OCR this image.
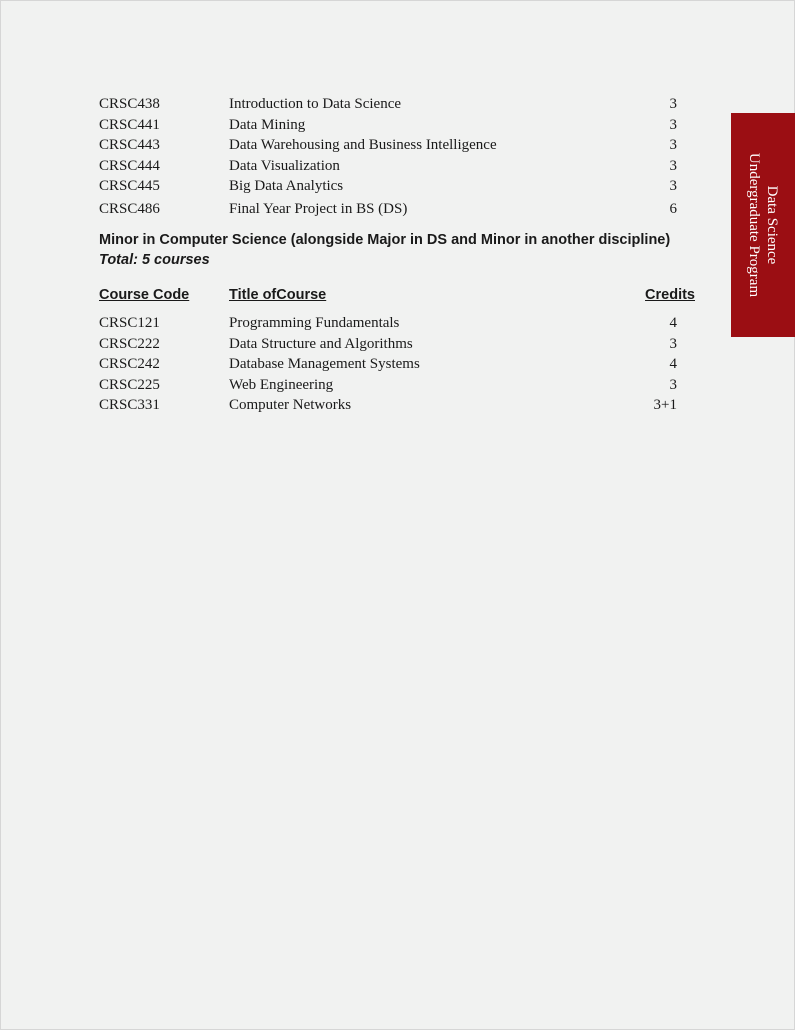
CRSC438	Introduction to Data Science	3
CRSC441	Data Mining	3
CRSC443	Data Warehousing and Business Intelligence	3
CRSC444	Data Visualization	3
CRSC445	Big Data Analytics	3
CRSC486	Final Year Project in BS (DS)	6
Minor in Computer Science (alongside Major in DS and Minor in another discipline)
Total: 5 courses
Course Code	Title ofCourse	Credits
CRSC121	Programming Fundamentals	4
CRSC222	Data Structure and Algorithms	3
CRSC242	Database Management Systems	4
CRSC225	Web Engineering	3
CRSC331	Computer Networks	3+1
Data Science
Undergraduate Program
